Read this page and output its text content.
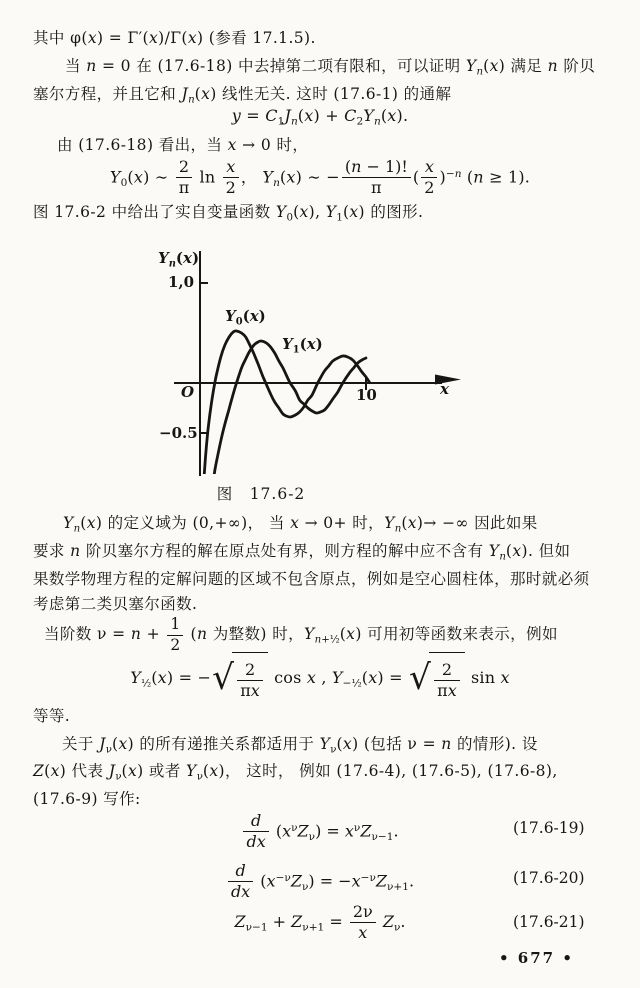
其中 φ(x) = Γ′(x)/Γ(x) (参看 17.1.5).
当 n = 0 在 (17.6-18) 中去掉第二项有限和，可以证明 $Y_n(x)$ 满足 n 阶贝
塞尔方程，并且它和 $J_n(x)$ 线性无关. 这时 (17.6-1) 的通解
$y = C_1J_n(x) + C_2Y_n(x)$.
由 (17.6-18) 看出，当 x → 0 时，
$Y_0(x)$ ∼ $\frac{2}{\pi}$ $\ln \frac{x}{2}$ ， $Y_n(x)$ ∼ − $\frac{(n - 1)!}{\pi}$ ( $\frac{x}{2} )^{-n}$ (n ≥ 1).
图 17.6-2 中给出了实自变量函数 $Y_0(x)$, $Y_1(x)$ 的图形.
$Y_n(x)$
1,0
O
−0.5
10	x
$Y_0(x)$
$Y_1(x)$
图　17.6-2
$Y_n(x)$ 的定义域为 (0,+∞)， 当 x → 0+ 时，$Y_n(x)\to$ −∞ 因此如果
要求 n 阶贝塞尔方程的解在原点处有界，则方程的解中应不含有 $Y_n(x)$. 但如
果数学物理方程的定解问题的区域不包含原点，例如是空心圆柱体，那时就必须
考虑第二类贝塞尔函数.
当阶数 $\nu = n + \frac{1}{2} (n$ 为整数) 时，$Y_{n+\frac{1}{2}}(x)$ 可用初等函数来表示，例如
$Y_{\frac{1}{2}}(x)$ = −√ $\frac{2}{\pi x}$ cos x , $Y_{-\frac{1}{2}}(x)$ = √ $\frac{2}{\pi x}$ sin x
等等.
关于 $J_\nu(x)$ 的所有递推关系都适用于 $Y_\nu(x)$ (包括 ν = n 的情形). 设
Z(x) 代表 $J_\nu(x)$ 或者 $Y_\nu(x)$， 这时， 例如 (17.6-4), (17.6-5), (17.6-8),
(17.6-9) 写作:
$\frac{d}{dx} (x^\nu Z_\nu) = x^\nu Z_{\nu-1}$.	(17.6-19)
$\frac{d}{dx} (x^{-\nu}Z_\nu) = -x^{-\nu}Z_{\nu+1}$.	(17.6-20)
$Z_{\nu-1} + Z_{\nu+1} = \frac{2\nu}{x} Z_\nu$.	(17.6-21)
• 677 •
